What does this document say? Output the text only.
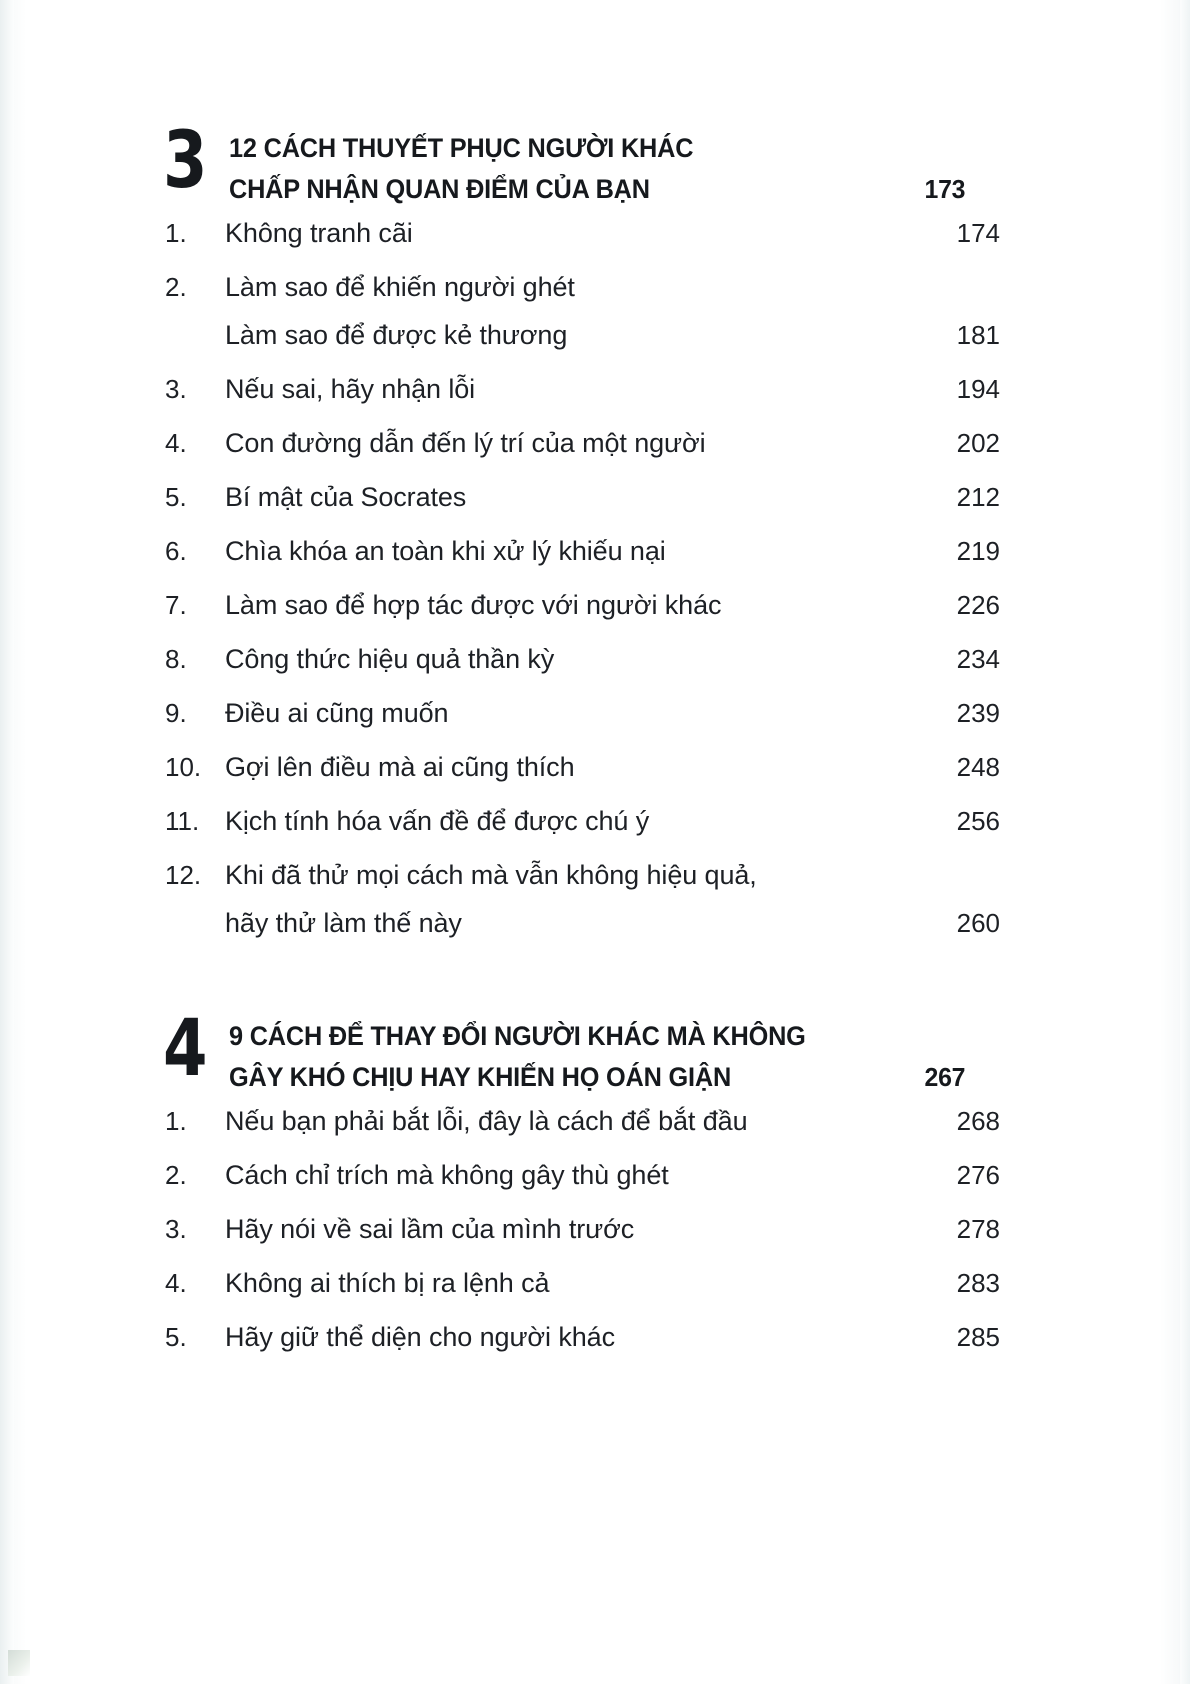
3 12 CÁCH THUYẾT PHỤC NGƯỜI KHÁC
CHẤP NHẬN QUAN ĐIỂM CỦA BẠN	173
1.	Không tranh cãi	174
2.	Làm sao để khiến người ghét
Làm sao để được kẻ thương	181
3.	Nếu sai, hãy nhận lỗi	194
4.	Con đường dẫn đến lý trí của một người	202
5.	Bí mật của Socrates	212
6.	Chìa khóa an toàn khi xử lý khiếu nại	219
7.	Làm sao để hợp tác được với người khác	226
8.	Công thức hiệu quả thần kỳ	234
9.	Điều ai cũng muốn	239
10. Gợi lên điều mà ai cũng thích	248
11. Kịch tính hóa vấn đề để được chú ý	256
12. Khi đã thử mọi cách mà vẫn không hiệu quả,
hãy thử làm thế này	260
4 9 CÁCH ĐỂ THAY ĐỔI NGƯỜI KHÁC MÀ KHÔNG
GÂY KHÓ CHỊU HAY KHIẾN HỌ OÁN GIẬN	267
1.	Nếu bạn phải bắt lỗi, đây là cách để bắt đầu	268
2.	Cách chỉ trích mà không gây thù ghét	276
3.	Hãy nói về sai lầm của mình trước	278
4.	Không ai thích bị ra lệnh cả	283
5.	Hãy giữ thể diện cho người khác	285
